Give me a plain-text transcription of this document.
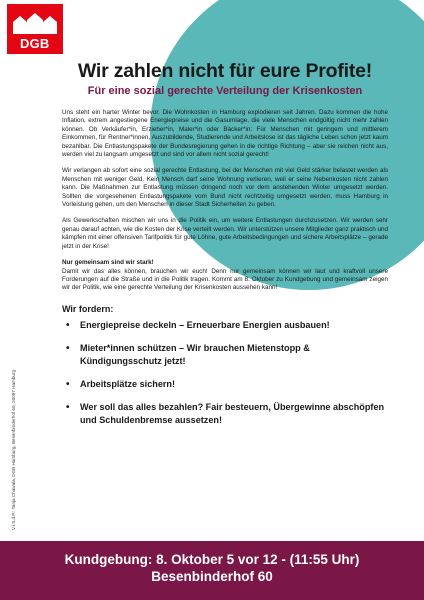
DGB
V.i.S.d.P.: Tanja Chawala, DGB Hamburg, Besenbinderhof 60, 20097 Hamburg
Wir zahlen nicht für eure Profite!
Für eine sozial gerechte Verteilung der Krisenkosten

Uns steht ein harter Winter bevor. Die Wohnkosten in Hamburg explodieren seit Jahren. Dazu kommen die hohe Inflation, extrem angestiegene Energiepreise und die Gasumlage, die viele Menschen endgültig nicht mehr zahlen können. Ob Verkäufer*in, Erzieher*in, Maler*in oder Bäcker*in: Für Menschen mit geringem und mittlerem Einkommen, für Rentner*innen, Auszubildende, Studierende und Arbeitslose ist das tägliche Leben schon jetzt kaum bezahlbar. Die Entlastungspakete der Bundesregierung gehen in die richtige Richtung – aber sie reichen nicht aus, werden viel zu langsam umgesetzt und sind vor allem nicht sozial gerecht!

Wir verlangen ab sofort eine sozial gerechte Entlastung, bei der Menschen mit viel Geld stärker belastet werden als Menschen mit weniger Geld. Kein Mensch darf seine Wohnung verlieren, weil er seine Nebenkosten nicht zahlen kann. Die Maßnahmen zur Entlastung müssen dringend noch vor dem anstehenden Winter umgesetzt werden. Sollten die vorgesehenen Entlastungspakete vom Bund nicht rechtzeitig umgesetzt werden, muss Hamburg in Vorleistung gehen, um den Menschen in dieser Stadt Sicherheiten zu geben.

Als Gewerkschaften mischen wir uns in die Politik ein, um weitere Entlastungen durchzusetzen. Wir werden sehr genau darauf achten, wie die Kosten der Krise verteilt werden. Wir unterstützen unsere Mitglieder ganz praktisch und kämpfen mit einer offensiven Tarifpolitik für gute Löhne, gute Arbeitsbedingungen und sichere Arbeitsplätze – gerade jetzt in der Krise!

Nur gemeinsam sind wir stark!

Damit wir das alles können, brauchen wir euch! Denn nur gemeinsam können wir laut und kraftvoll unsere Forderungen auf die Straße und in die Politik tragen. Kommt am 8. Oktober zu Kundgebung und gemeinsam zeigen wir der Politik, wie eine gerechte Verteilung der Krisenkosten aussehen kann!

Wir fordern:

• Energiepreise deckeln – Erneuerbare Energien ausbauen!
• Mieter*innen schützen – Wir brauchen Mietenstopp & Kündigungsschutz jetzt!
• Arbeitsplätze sichern!
• Wer soll das alles bezahlen? Fair besteuern, Übergewinne abschöpfen und Schuldenbremse aussetzen!
Kundgebung: 8. Oktober 5 vor 12 - (11:55 Uhr)
Besenbinderhof 60
